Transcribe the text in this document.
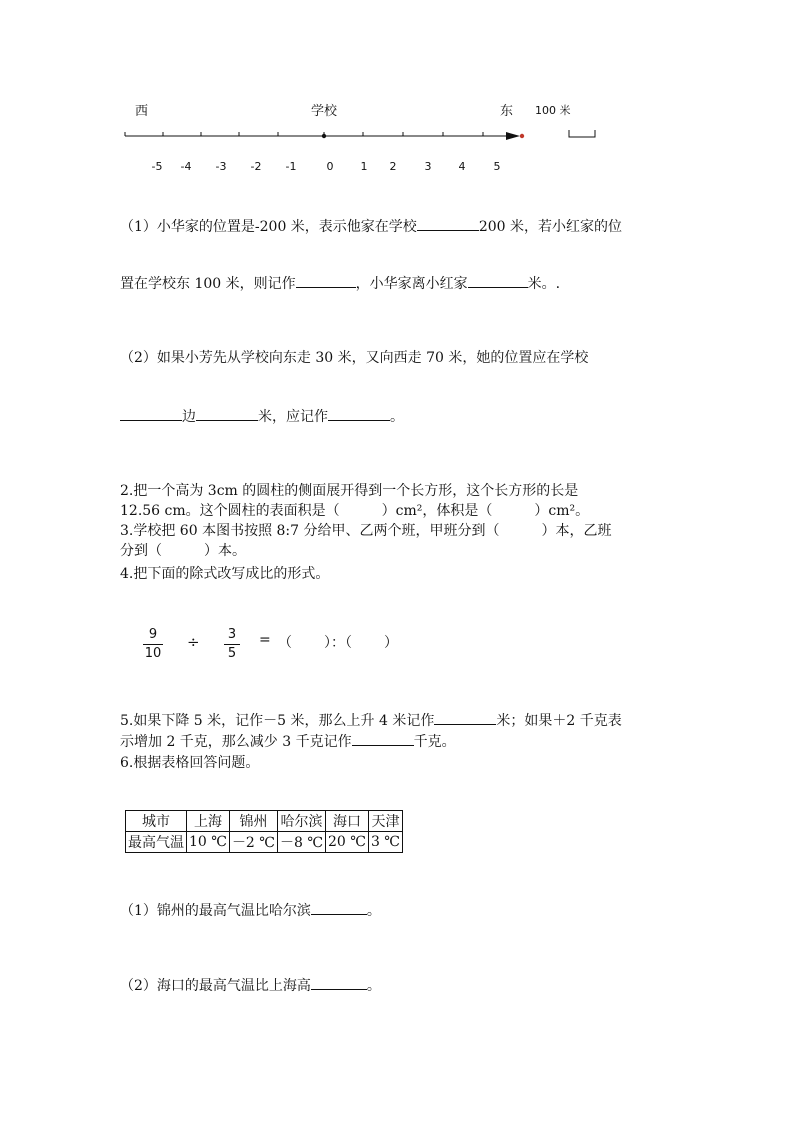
西	学校	东 100 米
-5	-4	-3	-2	-1	0	1	2	3	4	5
（1）小华家的位置是-200 米，表示他家在学校	200 米，若小红家的位
置在学校东 100 米，则记作	，小华家离小红家	米。.
（2）如果小芳先从学校向东走 30 米，又向西走 70 米，她的位置应在学校
边	米，应记作	。
2.把一个高为 3cm 的圆柱的侧面展开得到一个长方形，这个长方形的长是
12.56 cm。这个圆柱的表面积是（	）cm²，体积是（	）cm²。
3.学校把 60 本图书按照 8:7 分给甲、乙两个班，甲班分到（	）本，乙班
分到（	）本。
4.把下面的除式改写成比的形式。
9
10
÷ 3
5
= （ ）：（ ）
5.如果下降 5 米，记作－5 米，那么上升 4 米记作	米；如果＋2 千克表
示增加 2 千克，那么减少 3 千克记作	千克。
6.根据表格回答问题。
城市	上海	锦州	哈尔滨	海口	天津
最高气温	10 ℃	－2 ℃	－8 ℃	20 ℃	3 ℃
（1）锦州的最高气温比哈尔滨	。
（2）海口的最高气温比上海高	。
